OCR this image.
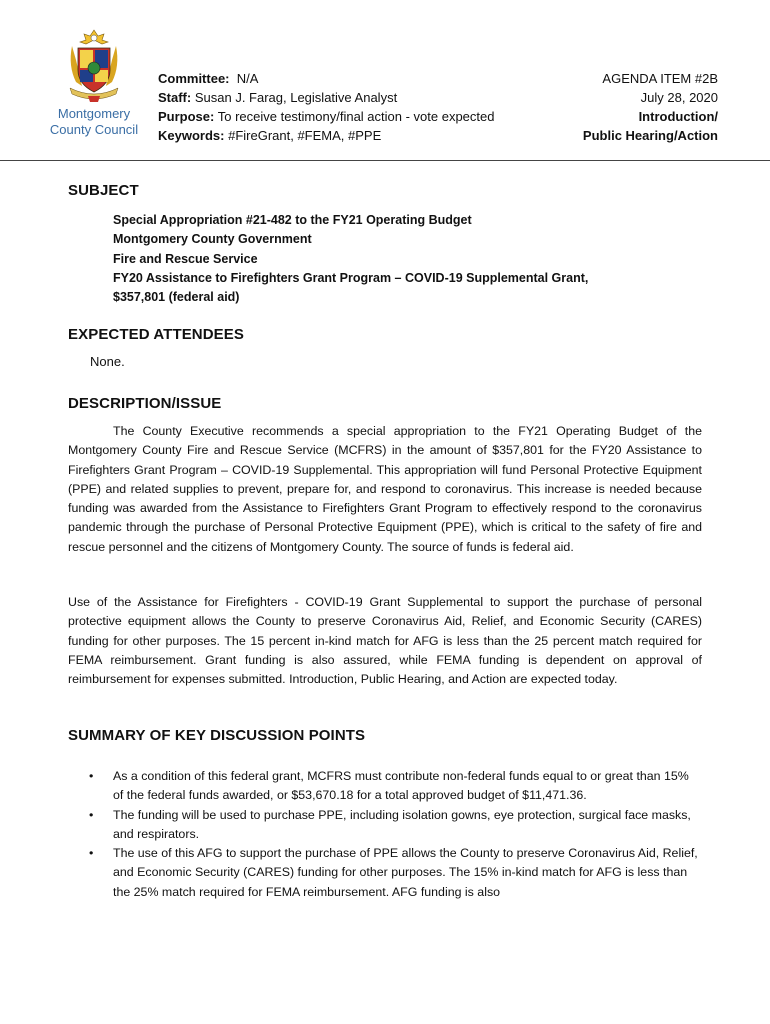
Montgomery
County Council
Committee: N/A
Staff: Susan J. Farag, Legislative Analyst
Purpose: To receive testimony/final action - vote expected
Keywords: #FireGrant, #FEMA, #PPE
AGENDA ITEM #2B
July 28, 2020
Introduction/
Public Hearing/Action
SUBJECT
Special Appropriation #21-482 to the FY21 Operating Budget
Montgomery County Government
Fire and Rescue Service
FY20 Assistance to Firefighters Grant Program – COVID-19 Supplemental Grant,
$357,801 (federal aid)
EXPECTED ATTENDEES
None.
DESCRIPTION/ISSUE

The County Executive recommends a special appropriation to the FY21 Operating Budget of the Montgomery County Fire and Rescue Service (MCFRS) in the amount of $357,801 for the FY20 Assistance to Firefighters Grant Program – COVID-19 Supplemental. This appropriation will fund Personal Protective Equipment (PPE) and related supplies to prevent, prepare for, and respond to coronavirus. This increase is needed because funding was awarded from the Assistance to Firefighters Grant Program to effectively respond to the coronavirus pandemic through the purchase of Personal Protective Equipment (PPE), which is critical to the safety of fire and rescue personnel and the citizens of Montgomery County. The source of funds is federal aid.

Use of the Assistance for Firefighters - COVID-19 Grant Supplemental to support the purchase of personal protective equipment allows the County to preserve Coronavirus Aid, Relief, and Economic Security (CARES) funding for other purposes. The 15 percent in-kind match for AFG is less than the 25 percent match required for FEMA reimbursement. Grant funding is also assured, while FEMA funding is dependent on approval of reimbursement for expenses submitted. Introduction, Public Hearing, and Action are expected today.

SUMMARY OF KEY DISCUSSION POINTS
• As a condition of this federal grant, MCFRS must contribute non-federal funds equal to or great than 15% of the federal funds awarded, or $53,670.18 for a total approved budget of $11,471.36.
• The funding will be used to purchase PPE, including isolation gowns, eye protection, surgical face masks, and respirators.
• The use of this AFG to support the purchase of PPE allows the County to preserve Coronavirus Aid, Relief, and Economic Security (CARES) funding for other purposes. The 15% in-kind match for AFG is less than the 25% match required for FEMA reimbursement. AFG funding is also
